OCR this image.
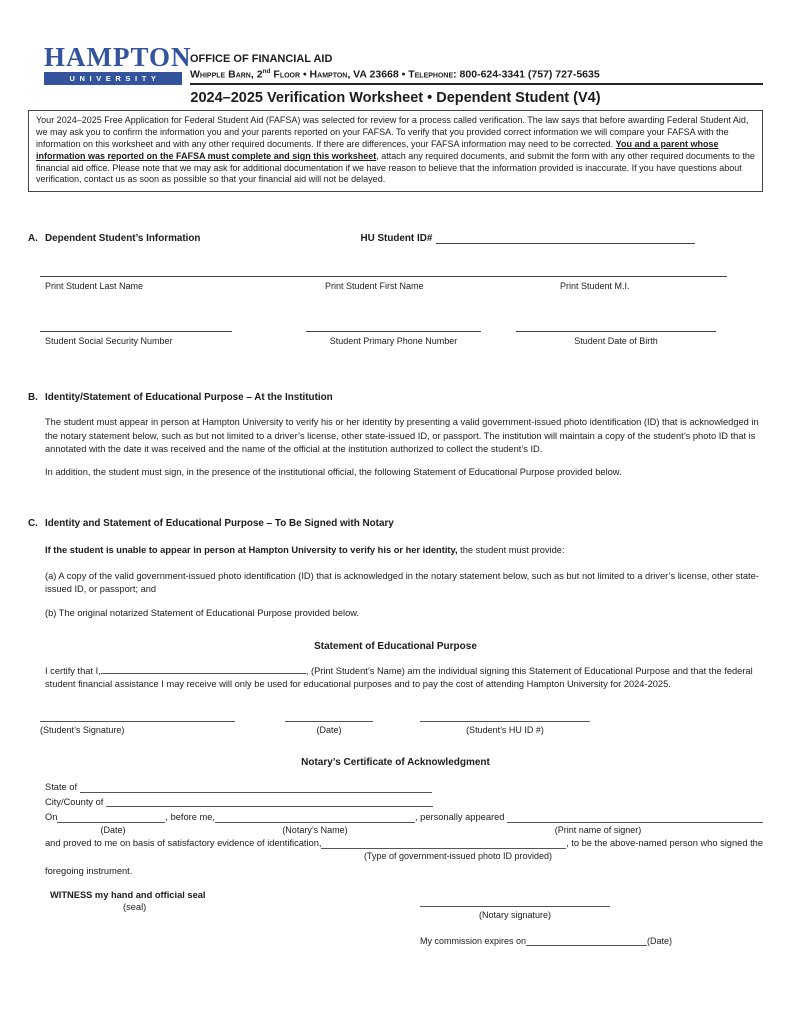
HAMPTON
UNIVERSITY
OFFICE OF FINANCIAL AID
Whipple Barn, 2nd Floor • Hampton, VA 23668 • Telephone: 800-624-3341 (757) 727-5635
2024–2025 Verification Worksheet • Dependent Student (V4)
Your 2024–2025 Free Application for Federal Student Aid (FAFSA) was selected for review for a process called verification. The law says that before awarding Federal Student Aid, we may ask you to confirm the information you and your parents reported on your FAFSA. To verify that you provided correct information we will compare your FAFSA with the information on this worksheet and with any other required documents. If there are differences, your FAFSA information may need to be corrected. You and a parent whose information was reported on the FAFSA must complete and sign this worksheet, attach any required documents, and submit the form with any other required documents to the financial aid office. Please note that we may ask for additional documentation if we have reason to believe that the information provided is inaccurate. If you have questions about verification, contact us as soon as possible so that your financial aid will not be delayed.
A. Dependent Student’s Information	HU Student ID#
Print Student Last Name	Print Student First Name	Print Student M.I.
Student Social Security Number	Student Primary Phone Number	Student Date of Birth
B. Identity/Statement of Educational Purpose – At the Institution
The student must appear in person at Hampton University to verify his or her identity by presenting a valid government-issued photo identification (ID) that is acknowledged in the notary statement below, such as but not limited to a driver’s license, other state-issued ID, or passport. The institution will maintain a copy of the student’s photo ID that is annotated with the date it was received and the name of the official at the institution authorized to collect the student’s ID.
In addition, the student must sign, in the presence of the institutional official, the following Statement of Educational Purpose provided below.
C. Identity and Statement of Educational Purpose – To Be Signed with Notary
If the student is unable to appear in person at Hampton University to verify his or her identity, the student must provide:
(a) A copy of the valid government-issued photo identification (ID) that is acknowledged in the notary statement below, such as but not limited to a driver’s license, other state-issued ID, or passport; and
(b) The original notarized Statement of Educational Purpose provided below.
Statement of Educational Purpose
I certify that I,	, (Print Student’s Name) am the individual signing this Statement of Educational Purpose and that the federal student financial assistance I may receive will only be used for educational purposes and to pay the cost of attending Hampton University for 2024-2025.
(Student’s Signature)	(Date)	(Student’s HU ID #)
Notary’s Certificate of Acknowledgment
State of
City/County of
On	, before me,	, personally appeared
(Date)	(Notary’s Name)	(Print name of signer)
and proved to me on basis of satisfactory evidence of identification,	, to be the above-named person who signed the
(Type of government-issued photo ID provided)
foregoing instrument.
WITNESS my hand and official seal
(seal)
(Notary signature)
My commission expires on	(Date)
